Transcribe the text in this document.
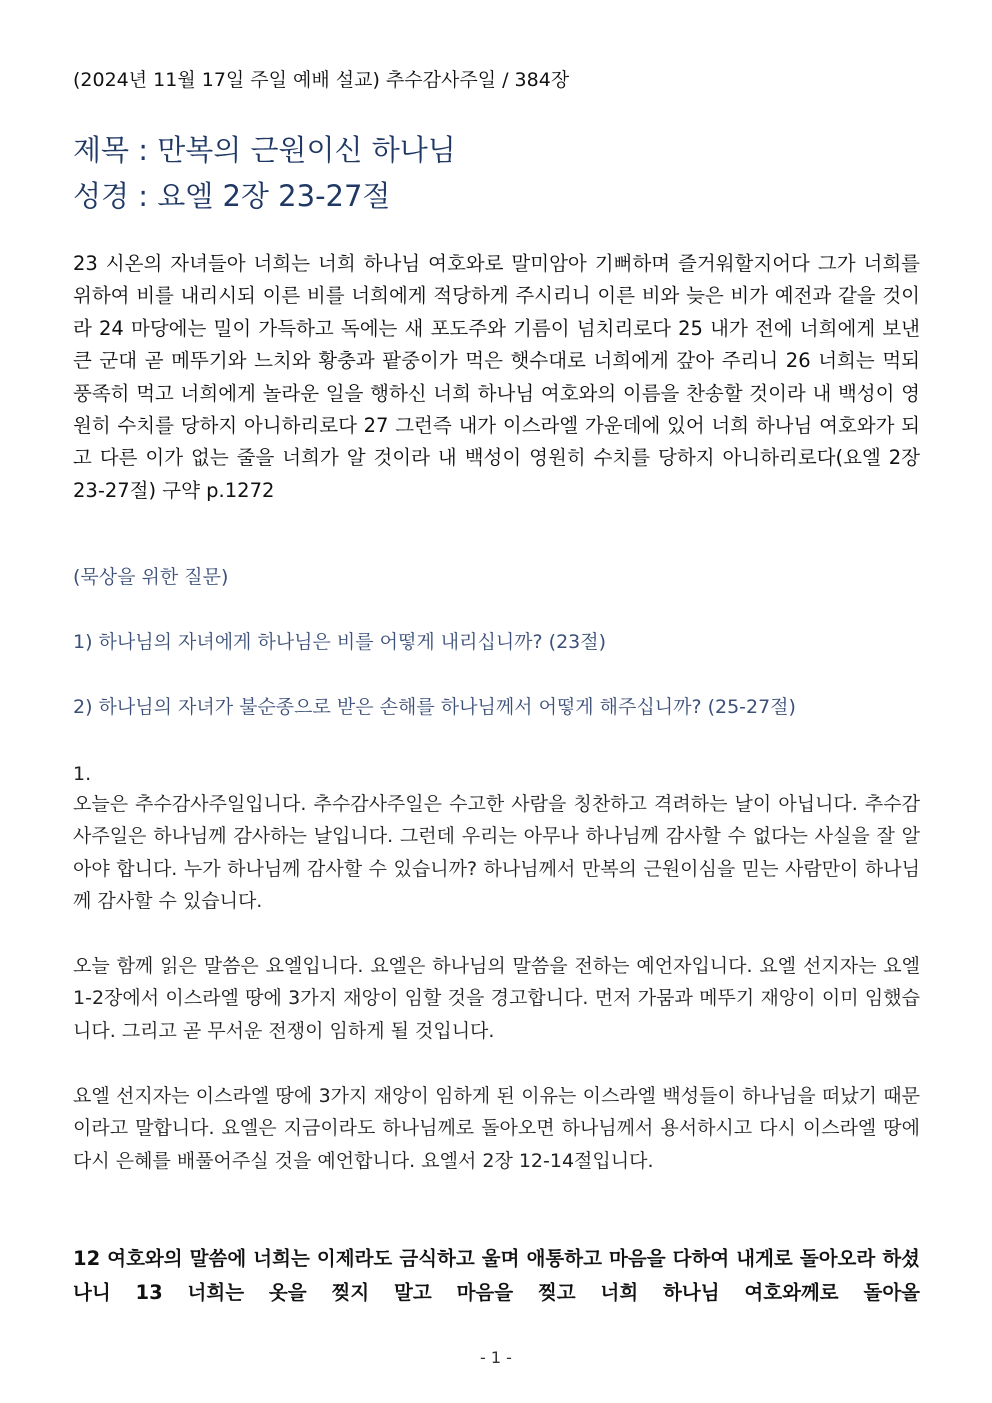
(2024년 11월 17일 주일 예배 설교) 추수감사주일 / 384장
제목 : 만복의 근원이신 하나님
성경 : 요엘 2장 23-27절

23 시온의 자녀들아 너희는 너희 하나님 여호와로 말미암아 기뻐하며 즐거워할지어다 그가 너희를 위하여 비를 내리시되 이른 비를 너희에게 적당하게 주시리니 이른 비와 늦은 비가 예전과 같을 것이라 24 마당에는 밀이 가득하고 독에는 새 포도주와 기름이 넘치리로다 25 내가 전에 너희에게 보낸 큰 군대 곧 메뚜기와 느치와 황충과 팥중이가 먹은 햇수대로 너희에게 갚아 주리니 26 너희는 먹되 풍족히 먹고 너희에게 놀라운 일을 행하신 너희 하나님 여호와의 이름을 찬송할 것이라 내 백성이 영원히 수치를 당하지 아니하리로다 27 그런즉 내가 이스라엘 가운데에 있어 너희 하나님 여호와가 되고 다른 이가 없는 줄을 너희가 알 것이라 내 백성이 영원히 수치를 당하지 아니하리로다(요엘 2장 23-27절) 구약 p.1272

(묵상을 위한 질문)
1) 하나님의 자녀에게 하나님은 비를 어떻게 내리십니까? (23절)
2) 하나님의 자녀가 불순종으로 받은 손해를 하나님께서 어떻게 해주십니까? (25-27절)
1.

오늘은 추수감사주일입니다. 추수감사주일은 수고한 사람을 칭찬하고 격려하는 날이 아닙니다. 추수감사주일은 하나님께 감사하는 날입니다. 그런데 우리는 아무나 하나님께 감사할 수 없다는 사실을 잘 알아야 합니다. 누가 하나님께 감사할 수 있습니까? 하나님께서 만복의 근원이심을 믿는 사람만이 하나님께 감사할 수 있습니다.

오늘 함께 읽은 말씀은 요엘입니다. 요엘은 하나님의 말씀을 전하는 예언자입니다. 요엘 선지자는 요엘 1-2장에서 이스라엘 땅에 3가지 재앙이 임할 것을 경고합니다. 먼저 가뭄과 메뚜기 재앙이 이미 임했습니다. 그리고 곧 무서운 전쟁이 임하게 될 것입니다.

요엘 선지자는 이스라엘 땅에 3가지 재앙이 임하게 된 이유는 이스라엘 백성들이 하나님을 떠났기 때문이라고 말합니다. 요엘은 지금이라도 하나님께로 돌아오면 하나님께서 용서하시고 다시 이스라엘 땅에 다시 은혜를 배풀어주실 것을 예언합니다. 요엘서 2장 12-14절입니다.

12 여호와의 말씀에 너희는 이제라도 금식하고 울며 애통하고 마음을 다하여 내게로 돌아오라 하셨나니 13 너희는 옷을 찢지 말고 마음을 찢고 너희 하나님 여호와께로 돌아올

- 1 -
